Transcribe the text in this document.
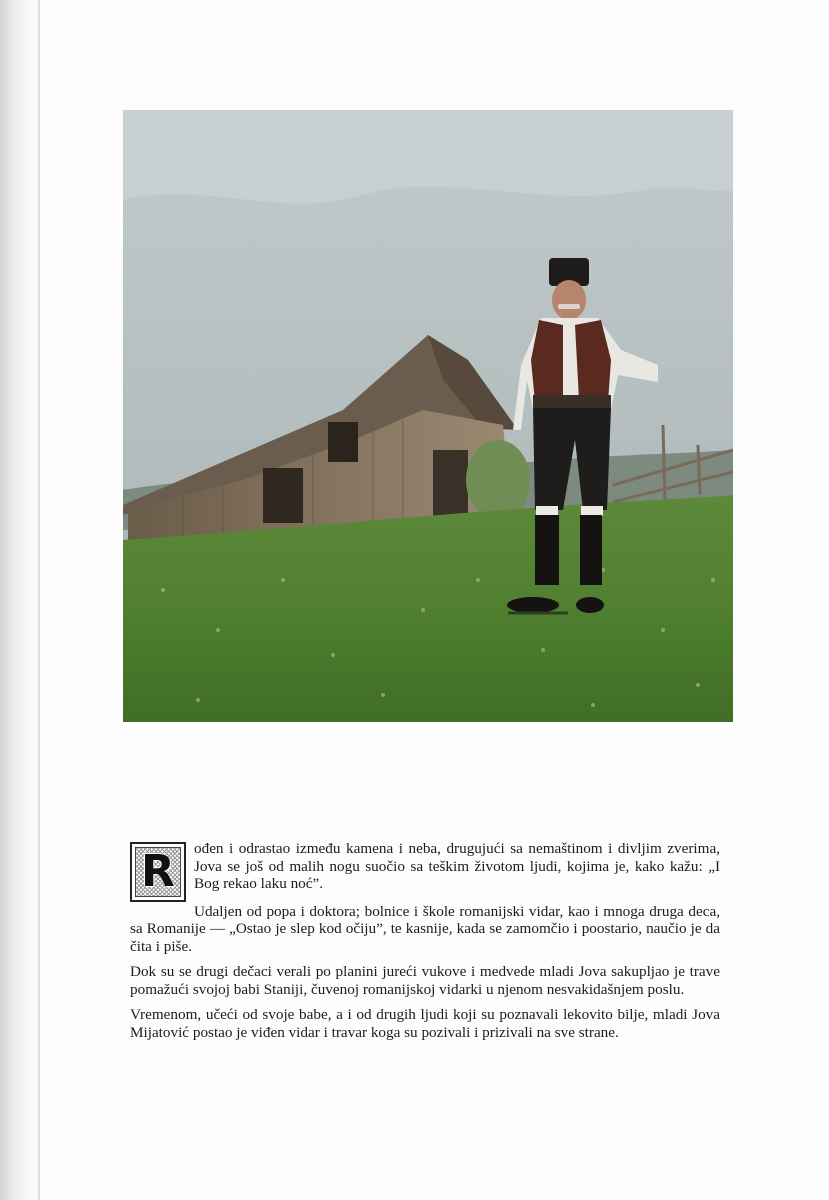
R ođen i odrastao između kamena i neba, drugujući sa nemaštinom i divljim zverima, Jova se još od malih nogu suočio sa teškim životom ljudi, kojima je, kako kažu: „I Bog rekao laku noć”.

Udaljen od popa i doktora; bolnice i škole romanijski vidar, kao i mnoga druga deca, sa Romanije — „Ostao je slep kod očiju”, te kasnije, kada se zamomčio i poostario, naučio je da čita i piše.

Dok su se drugi dečaci verali po planini jureći vukove i medvede mladi Jova sakupljao je trave pomažući svojoj babi Staniji, čuvenoj romanijskoj vidarki u njenom nesvakidašnjem poslu.

Vremenom, učeći od svoje babe, a i od drugih ljudi koji su poznavali lekovito bilje, mladi Jova Mijatović postao je viđen vidar i travar koga su pozivali i prizivali na sve strane.
